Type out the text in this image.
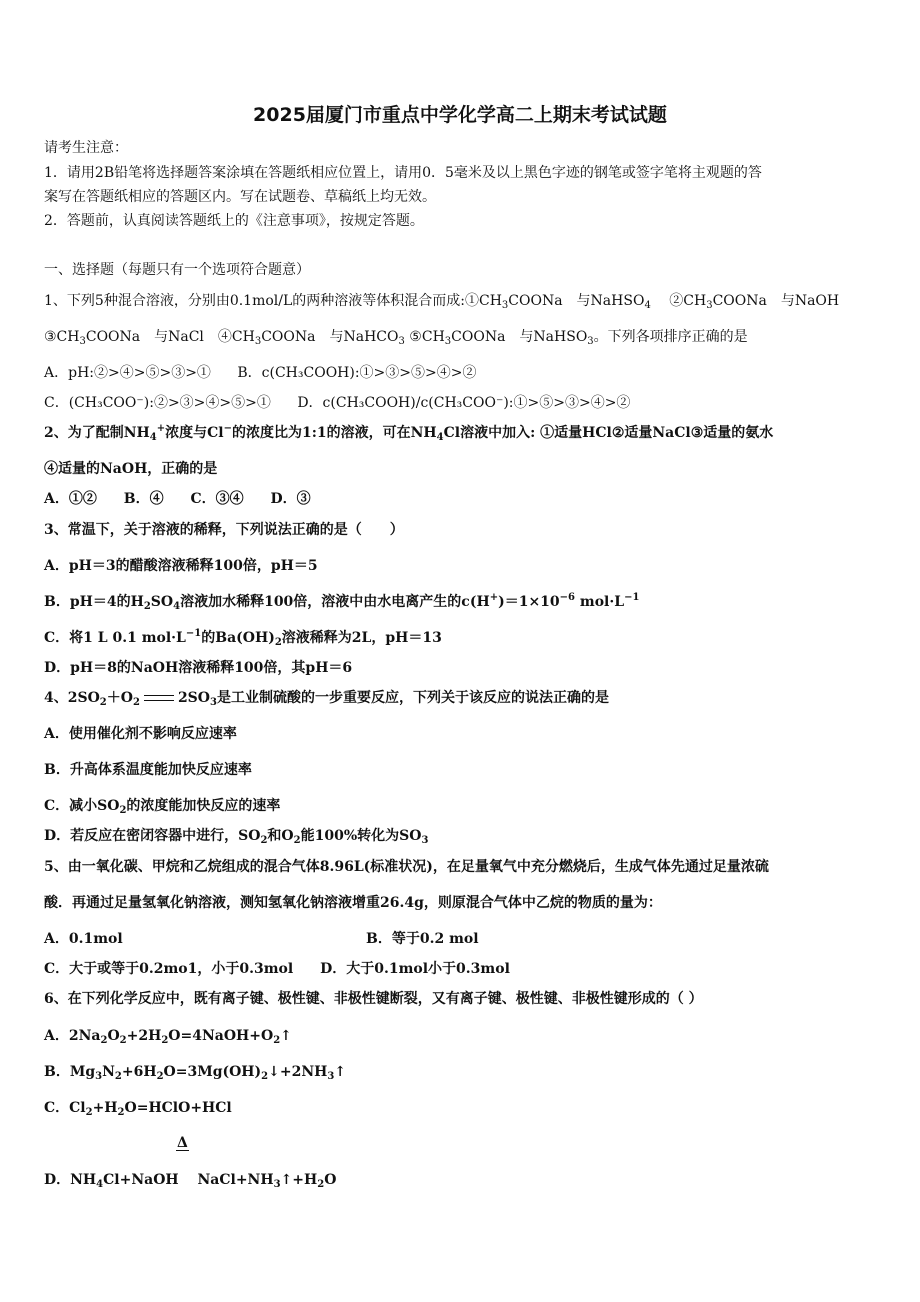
2025届厦门市重点中学化学高二上期末考试试题
请考生注意：
1．请用2B铅笔将选择题答案涂填在答题纸相应位置上，请用0．5毫米及以上黑色字迹的钢笔或签字笔将主观题的答
案写在答题纸相应的答题区内。写在试题卷、草稿纸上均无效。
2．答题前，认真阅读答题纸上的《注意事项》，按规定答题。
一、选择题（每题只有一个选项符合题意）
1、下列5种混合溶液，分别由0.1mol/L的两种溶液等体积混合而成$:①CH_3COONa$　与NaHSO$_4$　 $②CH_3COONa$　与NaOH
$③CH_3COONa$　与NaCl　$④CH_3COONa$　与NaHCO$_3$ $⑤CH_3COONa$　与NaHSO$_3$。下列各项排序正确的是
A．pH:②>④>⑤>③>① B．c(CH₃COOH):①>③>⑤>④>②
C．(CH₃COO⁻):②>③>④>⑤>① D．c(CH₃COOH)/c(CH₃COO⁻):①>⑤>③>④>②
2、为了配制$NH_4^+$浓度与Cl−的浓度比为1:1的溶液，可在$NH_4Cl$溶液中加入: ①适量HCl②适量NaCl③适量的氨水
④适量的NaOH，正确的是
A．①② B．④ C．③④ D．③
3、常温下，关于溶液的稀释，下列说法正确的是（　　）
A．pH＝3的醋酸溶液稀释100倍，pH＝5
B．pH＝4的$H_2SO_4$溶液加水稀释100倍，溶液中由水电离产生的$c(H^+)=1\times 10^{-6}$ $mol\cdot L^{-1}$
C．将1 L 0.1 $mol\cdot L^{-1}$的$Ba(OH)_2$溶液稀释为2L，pH＝13
D．pH＝8的NaOH溶液稀释100倍，其pH＝6
4、$2SO_2+O_2$	$2SO_3$是工业制硫酸的一步重要反应，下列关于该反应的说法正确的是
A．使用催化剂不影响反应速率
B．升高体系温度能加快反应速率
C．减小$SO_2$的浓度能加快反应的速率
D．若反应在密闭容器中进行，$SO_2$和$O_2$能100%转化为$SO_3$
5、由一氧化碳、甲烷和乙烷组成的混合气体8.96L(标准状况)，在足量氧气中充分燃烧后，生成气体先通过足量浓硫
酸．再通过足量氢氧化钠溶液，测知氢氧化钠溶液增重26.4g，则原混合气体中乙烷的物质的量为：
A．0.1mol	B．等于0.2 mol
C．大于或等于0.2mo1，小于0.3mol D．大于0.1mol小于0.3mol
6、在下列化学反应中，既有离子键、极性键、非极性键断裂，又有离子键、极性键、非极性键形成的（ ）
A．$2Na_2O_2+2H_2O=4NaOH+O_2↑$
B．$Mg_3N_2+6H_2O=3Mg(OH)_2↓+2NH_3↑$
C．$Cl_2+H_2O=HClO+HCl$
Δ
D．$NH_4Cl+NaOH$　 $NaCl+NH_3↑+H_2O$
